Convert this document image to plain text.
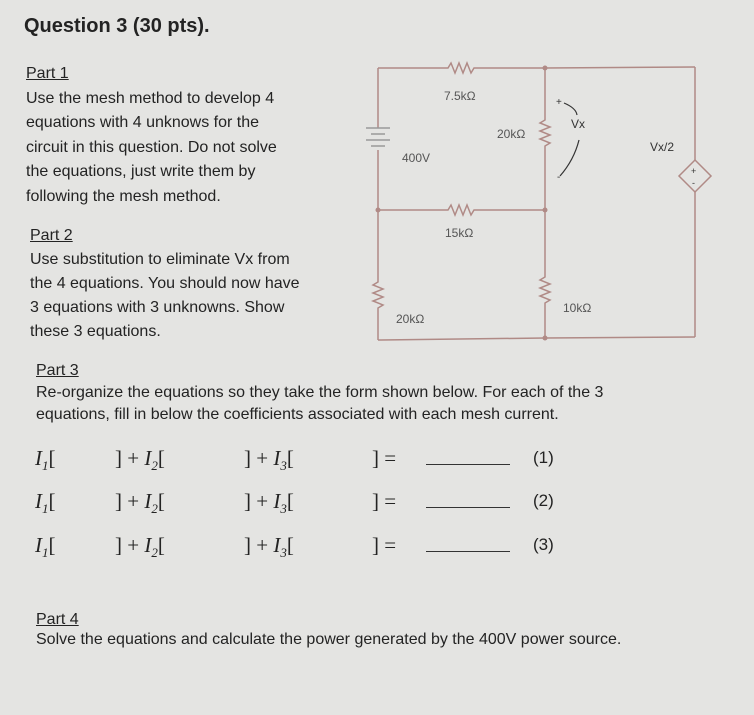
Question 3 (30 pts).
Part 1
Use the mesh method to develop 4
equations with 4 unknows for the
circuit in this question. Do not solve
the equations, just write them by
following the mesh method.
Part 2
Use substitution to eliminate Vx from
the 4 equations. You should now have
3 equations with 3 unknowns. Show
these 3 equations.
7.5kΩ
20kΩ
400V
15kΩ
10kΩ
20kΩ
Vx
+
-
Vx/2
+
-
Part 3
Re-organize the equations so they take the form shown below. For each of the 3
equations, fill in below the coefficients associated with each mesh current.
$I_1$[	] + $I_2$[	] + $I_3$[	] =	(1)
$I_1$[	] + $I_2$[	] + $I_3$[	] =	(2)
$I_1$[	] + $I_2$[	] + $I_3$[	] =	(3)
Part 4
Solve the equations and calculate the power generated by the 400V power source.
